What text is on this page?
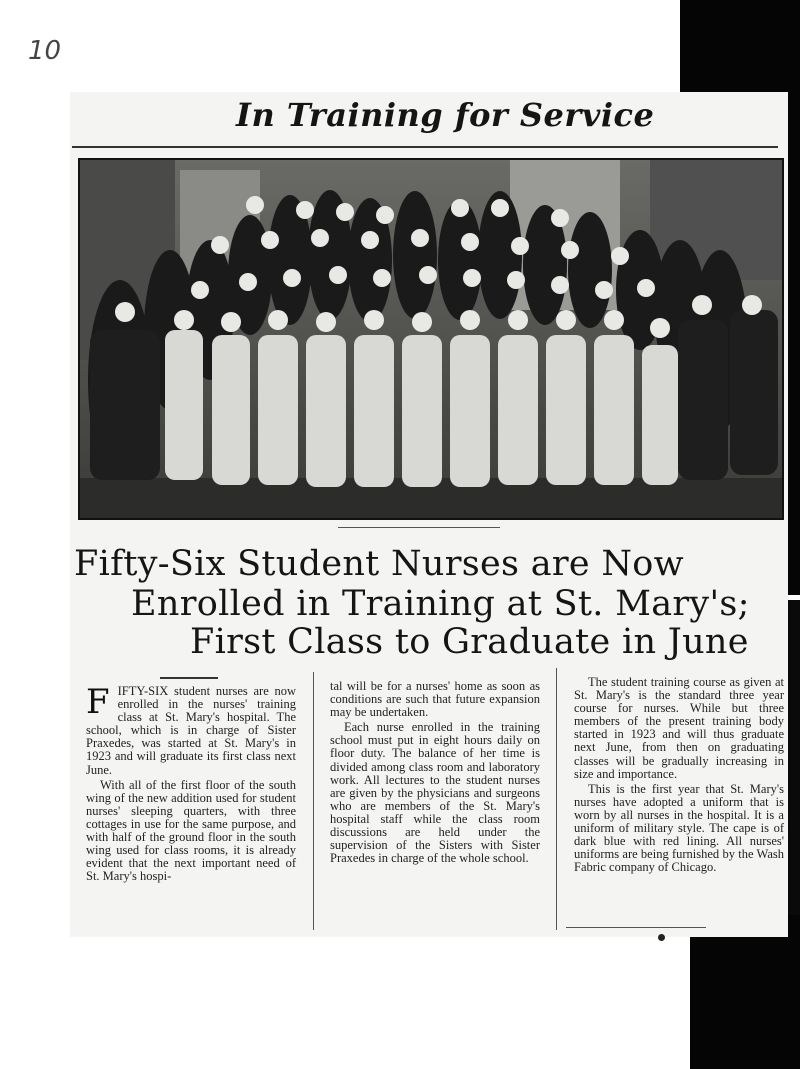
10
In Training for Service
Fifty-Six Student Nurses are Now
Enrolled in Training at St. Mary's;
First Class to Graduate in June

FIFTY-SIX student nurses are now enrolled in the nurses' training class at St. Mary's hospital. The school, which is in charge of Sister Praxedes, was started at St. Mary's in 1923 and will graduate its first class next June.

With all of the first floor of the south wing of the new addition used for student nurses' sleeping quarters, with three cottages in use for the same purpose, and with half of the ground floor in the south wing used for class rooms, it is already evident that the next important need of St. Mary's hospi-

tal will be for a nurses' home as soon as conditions are such that future expansion may be undertaken.

Each nurse enrolled in the training school must put in eight hours daily on floor duty. The balance of her time is divided among class room and laboratory work. All lectures to the student nurses are given by the physicians and surgeons who are members of the St. Mary's hospital staff while the class room discussions are held under the supervision of the Sisters with Sister Praxedes in charge of the whole school.

The student training course as given at St. Mary's is the standard three year course for nurses. While but three members of the present training body started in 1923 and will thus graduate next June, from then on graduating classes will be gradually increasing in size and importance.

This is the first year that St. Mary's nurses have adopted a uniform that is worn by all nurses in the hospital. It is a uniform of military style. The cape is of dark blue with red lining. All nurses' uniforms are being furnished by the Wash Fabric company of Chicago.
